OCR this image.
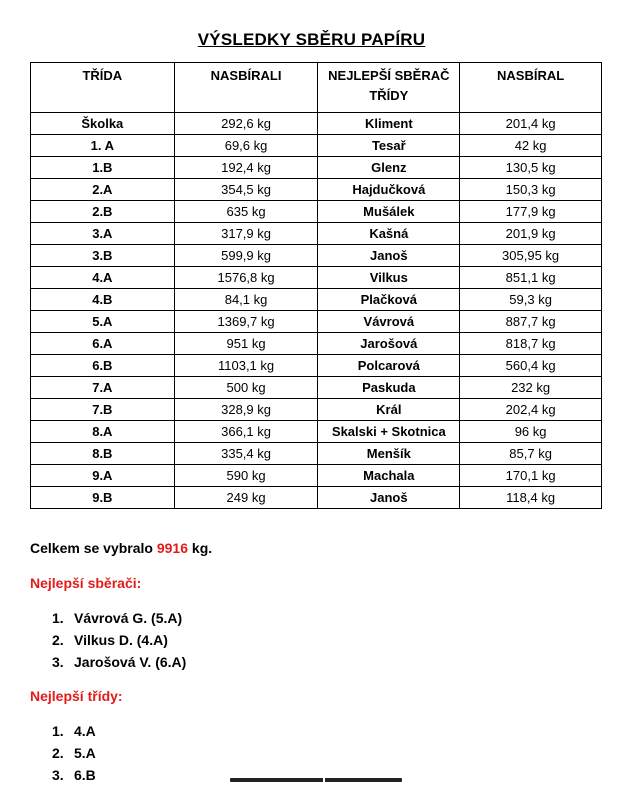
VÝSLEDKY SBĚRU PAPÍRU
TŘÍDA	NASBÍRALI	NEJLEPŠÍ SBĚRAČ TŘÍDY	NASBÍRAL
Školka	292,6 kg	Kliment	201,4 kg
1. A	69,6 kg	Tesař	42 kg
1.B	192,4 kg	Glenz	130,5 kg
2.A	354,5 kg	Hajdučková	150,3 kg
2.B	635 kg	Mušálek	177,9 kg
3.A	317,9 kg	Kašná	201,9 kg
3.B	599,9 kg	Janoš	305,95 kg
4.A	1576,8 kg	Vilkus	851,1 kg
4.B	84,1 kg	Plačková	59,3 kg
5.A	1369,7 kg	Vávrová	887,7 kg
6.A	951 kg	Jarošová	818,7 kg
6.B	1103,1 kg	Polcarová	560,4 kg
7.A	500 kg	Paskuda	232 kg
7.B	328,9 kg	Král	202,4 kg
8.A	366,1 kg	Skalski + Skotnica	96 kg
8.B	335,4 kg	Menšík	85,7 kg
9.A	590 kg	Machala	170,1 kg
9.B	249 kg	Janoš	118,4 kg
Celkem se vybralo 9916 kg.
Nejlepší sběrači:
1. Vávrová G. (5.A)
2. Vilkus D. (4.A)
3. Jarošová V. (6.A)
Nejlepší třídy:
1. 4.A
2. 5.A
3. 6.B
